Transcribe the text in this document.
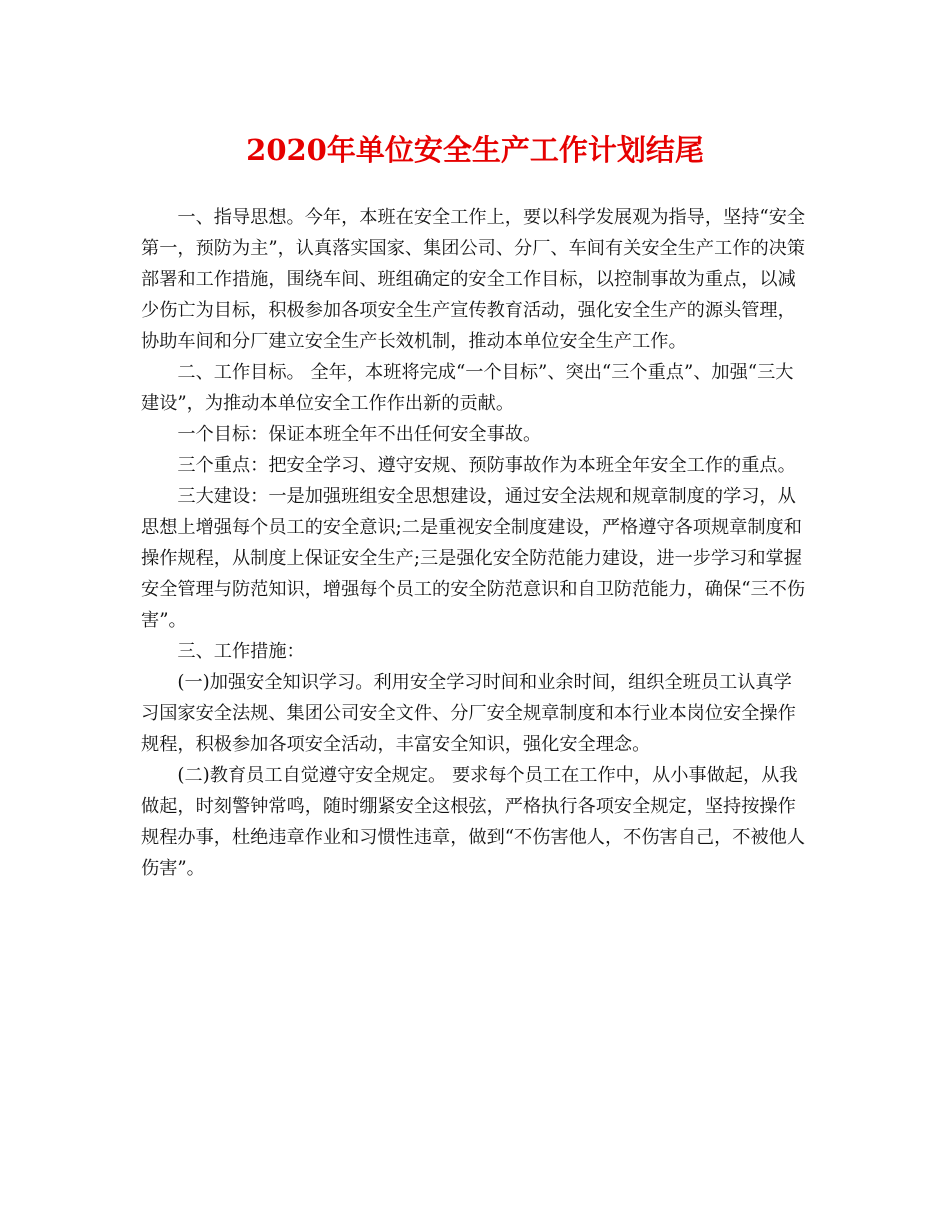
2020年单位安全生产工作计划结尾

一、指导思想。今年，本班在安全工作上，要以科学发展观为指导，坚持“安全第一，预防为主”，认真落实国家、集团公司、分厂、车间有关安全生产工作的决策部署和工作措施，围绕车间、班组确定的安全工作目标，以控制事故为重点，以减少伤亡为目标，积极参加各项安全生产宣传教育活动，强化安全生产的源头管理，协助车间和分厂建立安全生产长效机制，推动本单位安全生产工作。

二、工作目标。 全年，本班将完成“一个目标”、突出“三个重点”、加强“三大建设”，为推动本单位安全工作作出新的贡献。

一个目标：保证本班全年不出任何安全事故。

三个重点：把安全学习、遵守安规、预防事故作为本班全年安全工作的重点。

三大建设：一是加强班组安全思想建设，通过安全法规和规章制度的学习，从思想上增强每个员工的安全意识;二是重视安全制度建设，严格遵守各项规章制度和操作规程，从制度上保证安全生产;三是强化安全防范能力建设，进一步学习和掌握安全管理与防范知识，增强每个员工的安全防范意识和自卫防范能力，确保“三不伤害”。

三、工作措施：

(一)加强安全知识学习。利用安全学习时间和业余时间，组织全班员工认真学习国家安全法规、集团公司安全文件、分厂安全规章制度和本行业本岗位安全操作规程，积极参加各项安全活动，丰富安全知识，强化安全理念。

(二)教育员工自觉遵守安全规定。 要求每个员工在工作中，从小事做起，从我做起，时刻警钟常鸣，随时绷紧安全这根弦，严格执行各项安全规定，坚持按操作规程办事，杜绝违章作业和习惯性违章，做到“不伤害他人，不伤害自己，不被他人伤害”。
